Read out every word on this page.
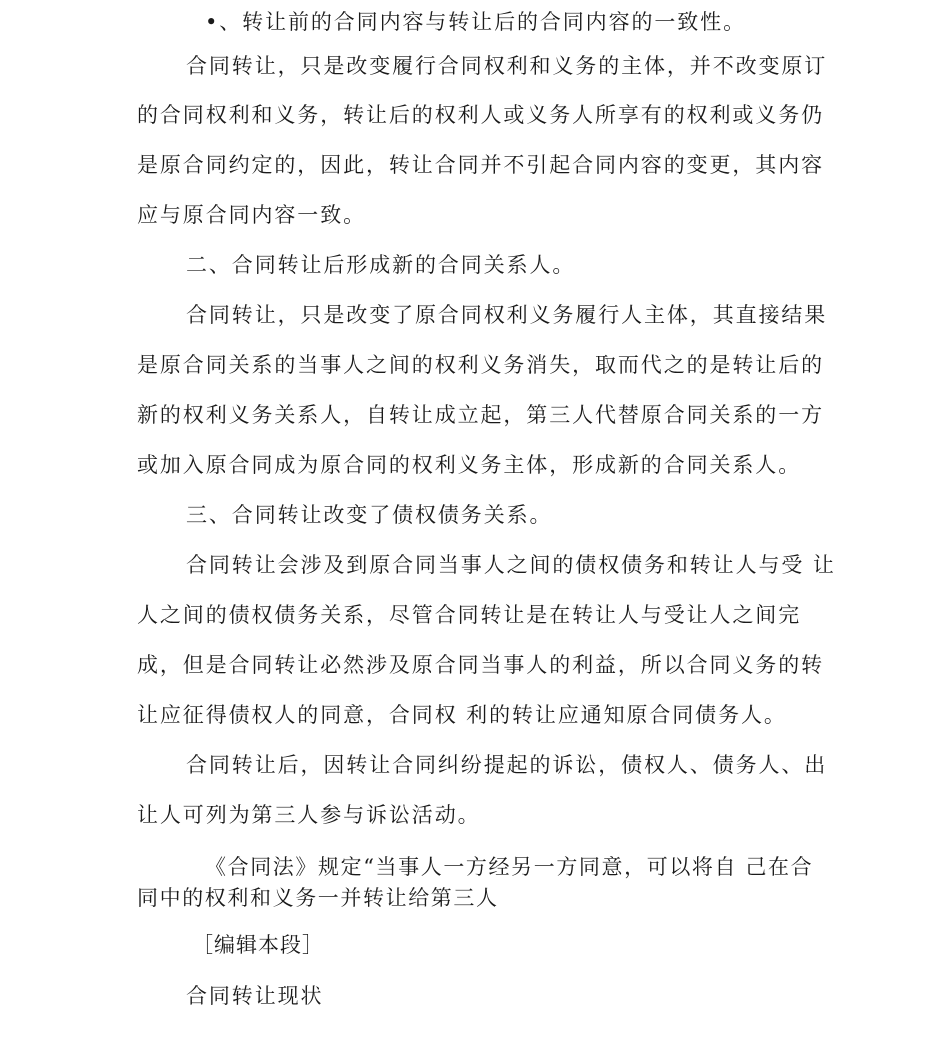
•、转让前的合同内容与转让后的合同内容的一致性。
合同转让，只是改变履行合同权利和义务的主体，并不改变原订
的合同权利和义务，转让后的权利人或义务人所享有的权利或义务仍
是原合同约定的，因此，转让合同并不引起合同内容的变更，其内容
应与原合同内容一致。
二、合同转让后形成新的合同关系人。
合同转让，只是改变了原合同权利义务履行人主体，其直接结果
是原合同关系的当事人之间的权利义务消失，取而代之的是转让后的
新的权利义务关系人，自转让成立起，第三人代替原合同关系的一方
或加入原合同成为原合同的权利义务主体，形成新的合同关系人。
三、合同转让改变了债权债务关系。
合同转让会涉及到原合同当事人之间的债权债务和转让人与受 让
人之间的债权债务关系，尽管合同转让是在转让人与受让人之间完
成，但是合同转让必然涉及原合同当事人的利益，所以合同义务的转
让应征得债权人的同意，合同权 利的转让应通知原合同债务人。
合同转让后，因转让合同纠纷提起的诉讼，债权人、债务人、出
让人可列为第三人参与诉讼活动。
《合同法》规定“当事人一方经另一方同意，可以将自 己在合
同中的权利和义务一并转让给第三人
［编辑本段］
合同转让现状
